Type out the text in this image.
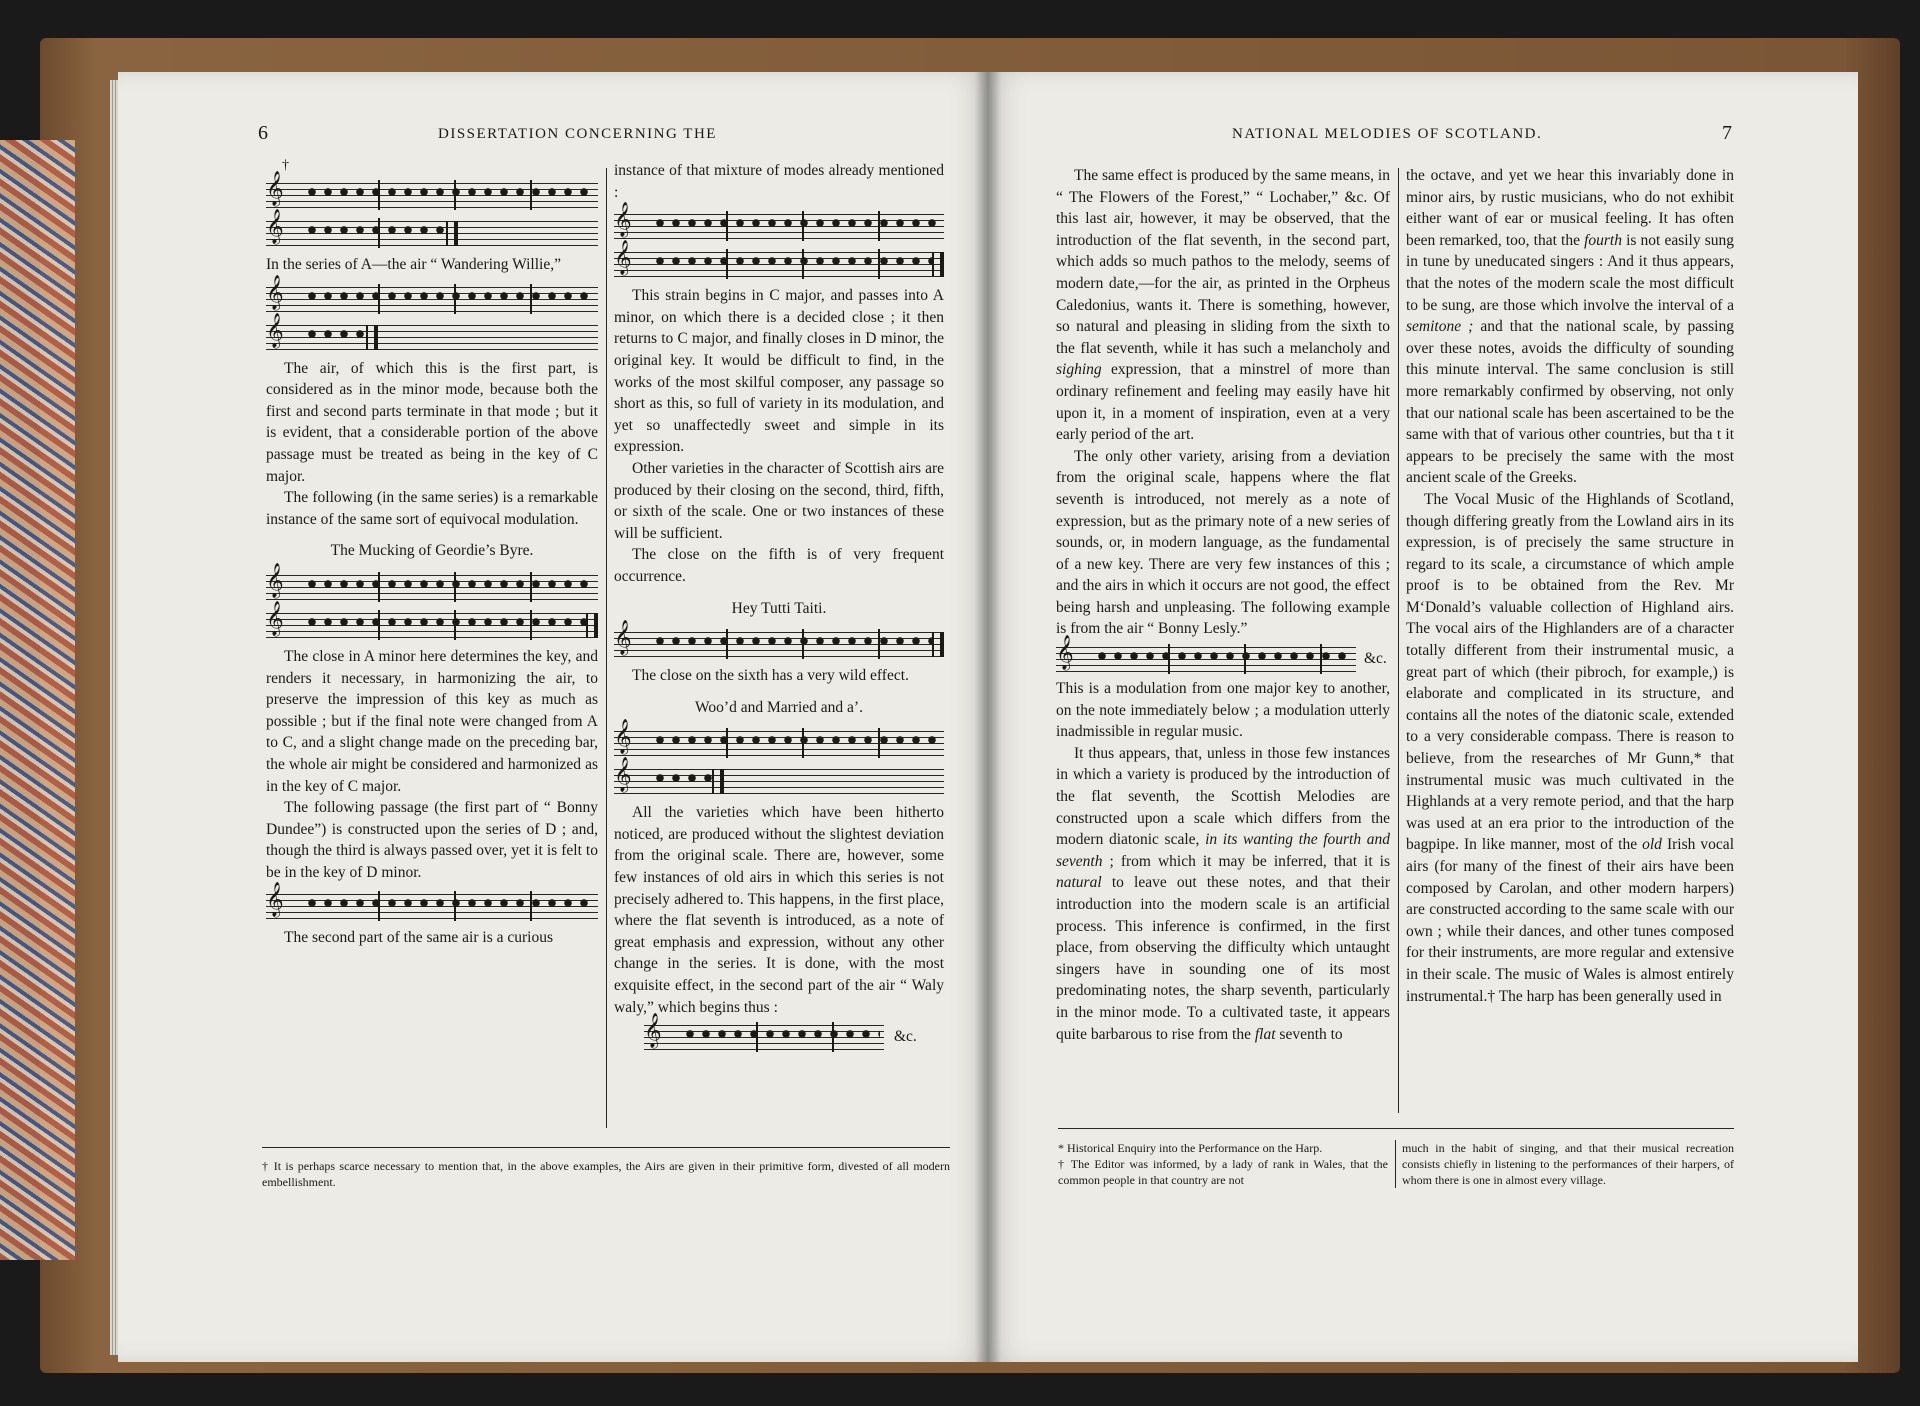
6	DISSERTATION CONCERNING THE
†
𝄞
𝄞

In the series of A—the air “ Wandering Willie,”

𝄞
𝄞

The air, of which this is the first part, is considered as in the minor mode, because both the first and second parts terminate in that mode ; but it is evident, that a considerable portion of the above passage must be treated as being in the key of C major.

The following (in the same series) is a remarkable instance of the same sort of equivocal modulation.

The Mucking of Geordie’s Byre.

𝄞
𝄞

The close in A minor here determines the key, and renders it necessary, in harmonizing the air, to preserve the impression of this key as much as possible ; but if the final note were changed from A to C, and a slight change made on the preceding bar, the whole air might be considered and harmonized as in the key of C major.

The following passage (the first part of “ Bonny Dundee”) is constructed upon the series of D ; and, though the third is always passed over, yet it is felt to be in the key of D minor.

𝄞

The second part of the same air is a curious

instance of that mixture of modes already mentioned :

𝄞
𝄞

This strain begins in C major, and passes into A minor, on which there is a decided close ; it then returns to C major, and finally closes in D minor, the original key. It would be difficult to find, in the works of the most skilful composer, any passage so short as this, so full of variety in its modulation, and yet so unaffectedly sweet and simple in its expression.

Other varieties in the character of Scottish airs are produced by their closing on the second, third, fifth, or sixth of the scale. One or two instances of these will be sufficient.

The close on the fifth is of very frequent occurrence.

Hey Tutti Taiti.

𝄞

The close on the sixth has a very wild effect.

Woo’d and Married and a’.

𝄞
𝄞

All the varieties which have been hitherto noticed, are produced without the slightest deviation from the original scale. There are, however, some few instances of old airs in which this series is not precisely adhered to. This happens, in the first place, where the flat seventh is introduced, as a note of great emphasis and expression, without any other change in the series. It is done, with the most exquisite effect, in the second part of the air “ Waly waly,” which begins thus :

𝄞	&c.
† It is perhaps scarce necessary to mention that, in the above examples, the Airs are given in their primitive form, divested of all modern embellishment.
NATIONAL MELODIES OF SCOTLAND.	7

The same effect is produced by the same means, in “ The Flowers of the Forest,” “ Lochaber,” &c. Of this last air, however, it may be observed, that the introduction of the flat seventh, in the second part, which adds so much pathos to the melody, seems of modern date,—for the air, as printed in the Orpheus Caledonius, wants it. There is something, however, so natural and pleasing in sliding from the sixth to the flat seventh, while it has such a melancholy and sighing expression, that a minstrel of more than ordinary refinement and feeling may easily have hit upon it, in a moment of inspiration, even at a very early period of the art.

The only other variety, arising from a deviation from the original scale, happens where the flat seventh is introduced, not merely as a note of expression, but as the primary note of a new series of sounds, or, in modern language, as the fundamental of a new key. There are very few instances of this ; and the airs in which it occurs are not good, the effect being harsh and unpleasing. The following example is from the air “ Bonny Lesly.”

𝄞	&c.

This is a modulation from one major key to another, on the note immediately below ; a modulation utterly inadmissible in regular music.

It thus appears, that, unless in those few instances in which a variety is produced by the introduction of the flat seventh, the Scottish Melodies are constructed upon a scale which differs from the modern diatonic scale, in its wanting the fourth and seventh ; from which it may be inferred, that it is natural to leave out these notes, and that their introduction into the modern scale is an artificial process. This inference is confirmed, in the first place, from observing the difficulty which untaught singers have in sounding one of its most predominating notes, the sharp seventh, particularly in the minor mode. To a cultivated taste, it appears quite barbarous to rise from the flat seventh to

the octave, and yet we hear this invariably done in minor airs, by rustic musicians, who do not exhibit either want of ear or musical feeling. It has often been remarked, too, that the fourth is not easily sung in tune by uneducated singers : And it thus appears, that the notes of the modern scale the most difficult to be sung, are those which involve the interval of a semitone ; and that the national scale, by passing over these notes, avoids the difficulty of sounding this minute interval. The same conclusion is still more remarkably confirmed by observing, not only that our national scale has been ascertained to be the same with that of various other countries, but tha t it appears to be precisely the same with the most ancient scale of the Greeks.

The Vocal Music of the Highlands of Scotland, though differing greatly from the Lowland airs in its expression, is of precisely the same structure in regard to its scale, a circumstance of which ample proof is to be obtained from the Rev. Mr M‘Donald’s valuable collection of Highland airs. The vocal airs of the Highlanders are of a character totally different from their instrumental music, a great part of which (their pibroch, for example,) is elaborate and complicated in its structure, and contains all the notes of the diatonic scale, extended to a very considerable compass. There is reason to believe, from the researches of Mr Gunn,* that instrumental music was much cultivated in the Highlands at a very remote period, and that the harp was used at an era prior to the introduction of the bagpipe. In like manner, most of the old Irish vocal airs (for many of the finest of their airs have been composed by Carolan, and other modern harpers) are constructed according to the same scale with our own ; while their dances, and other tunes composed for their instruments, are more regular and extensive in their scale. The music of Wales is almost entirely instrumental.† The harp has been generally used in

* Historical Enquiry into the Performance on the Harp.
† The Editor was informed, by a lady of rank in Wales, that the common people in that country are not
much in the habit of singing, and that their musical recreation consists chiefly in listening to the performances of their harpers, of whom there is one in almost every village.
